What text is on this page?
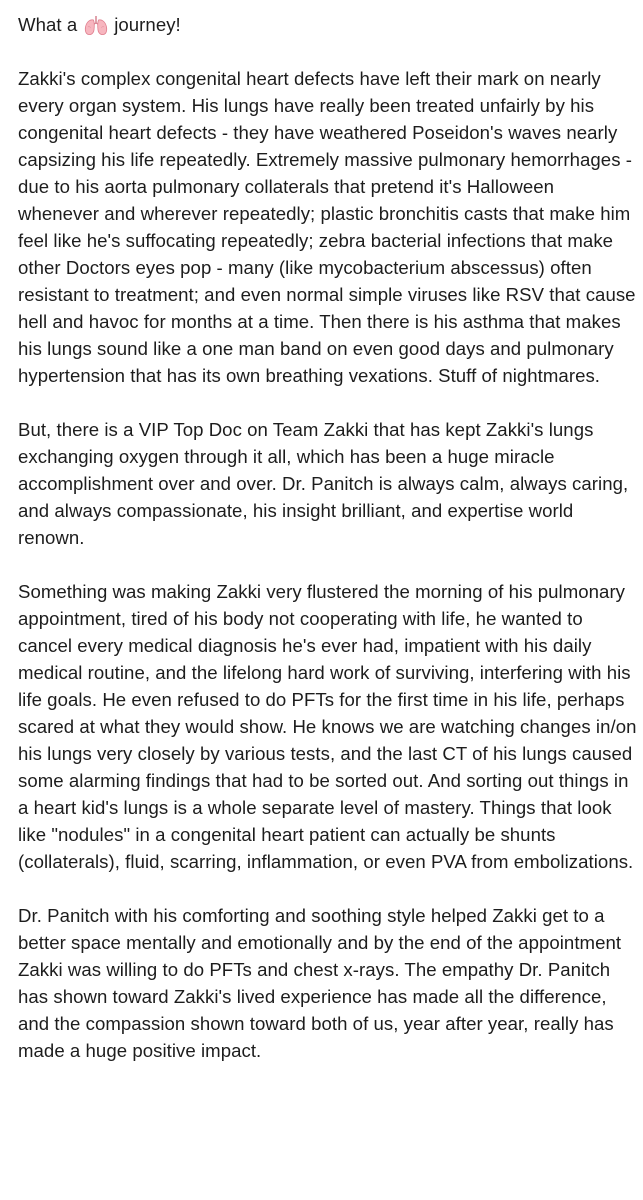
What a journey!

Zakki's complex congenital heart defects have left their mark on nearly every organ system. His lungs have really been treated unfairly by his congenital heart defects - they have weathered Poseidon's waves nearly capsizing his life repeatedly. Extremely massive pulmonary hemorrhages - due to his aorta pulmonary collaterals that pretend it's Halloween whenever and wherever repeatedly; plastic bronchitis casts that make him feel like he's suffocating repeatedly; zebra bacterial infections that make other Doctors eyes pop - many (like mycobacterium abscessus) often resistant to treatment; and even normal simple viruses like RSV that cause hell and havoc for months at a time. Then there is his asthma that makes his lungs sound like a one man band on even good days and pulmonary hypertension that has its own breathing vexations. Stuff of nightmares.

But, there is a VIP Top Doc on Team Zakki that has kept Zakki's lungs exchanging oxygen through it all, which has been a huge miracle accomplishment over and over. Dr. Panitch is always calm, always caring, and always compassionate, his insight brilliant, and expertise world renown.

Something was making Zakki very flustered the morning of his pulmonary appointment, tired of his body not cooperating with life, he wanted to cancel every medical diagnosis he's ever had, impatient with his daily medical routine, and the lifelong hard work of surviving, interfering with his life goals. He even refused to do PFTs for the first time in his life, perhaps scared at what they would show. He knows we are watching changes in/on his lungs very closely by various tests, and the last CT of his lungs caused some alarming findings that had to be sorted out. And sorting out things in a heart kid's lungs is a whole separate level of mastery. Things that look like "nodules" in a congenital heart patient can actually be shunts (collaterals), fluid, scarring, inflammation, or even PVA from embolizations.

Dr. Panitch with his comforting and soothing style helped Zakki get to a better space mentally and emotionally and by the end of the appointment Zakki was willing to do PFTs and chest x-rays. The empathy Dr. Panitch has shown toward Zakki's lived experience has made all the difference, and the compassion shown toward both of us, year after year, really has made a huge positive impact.
